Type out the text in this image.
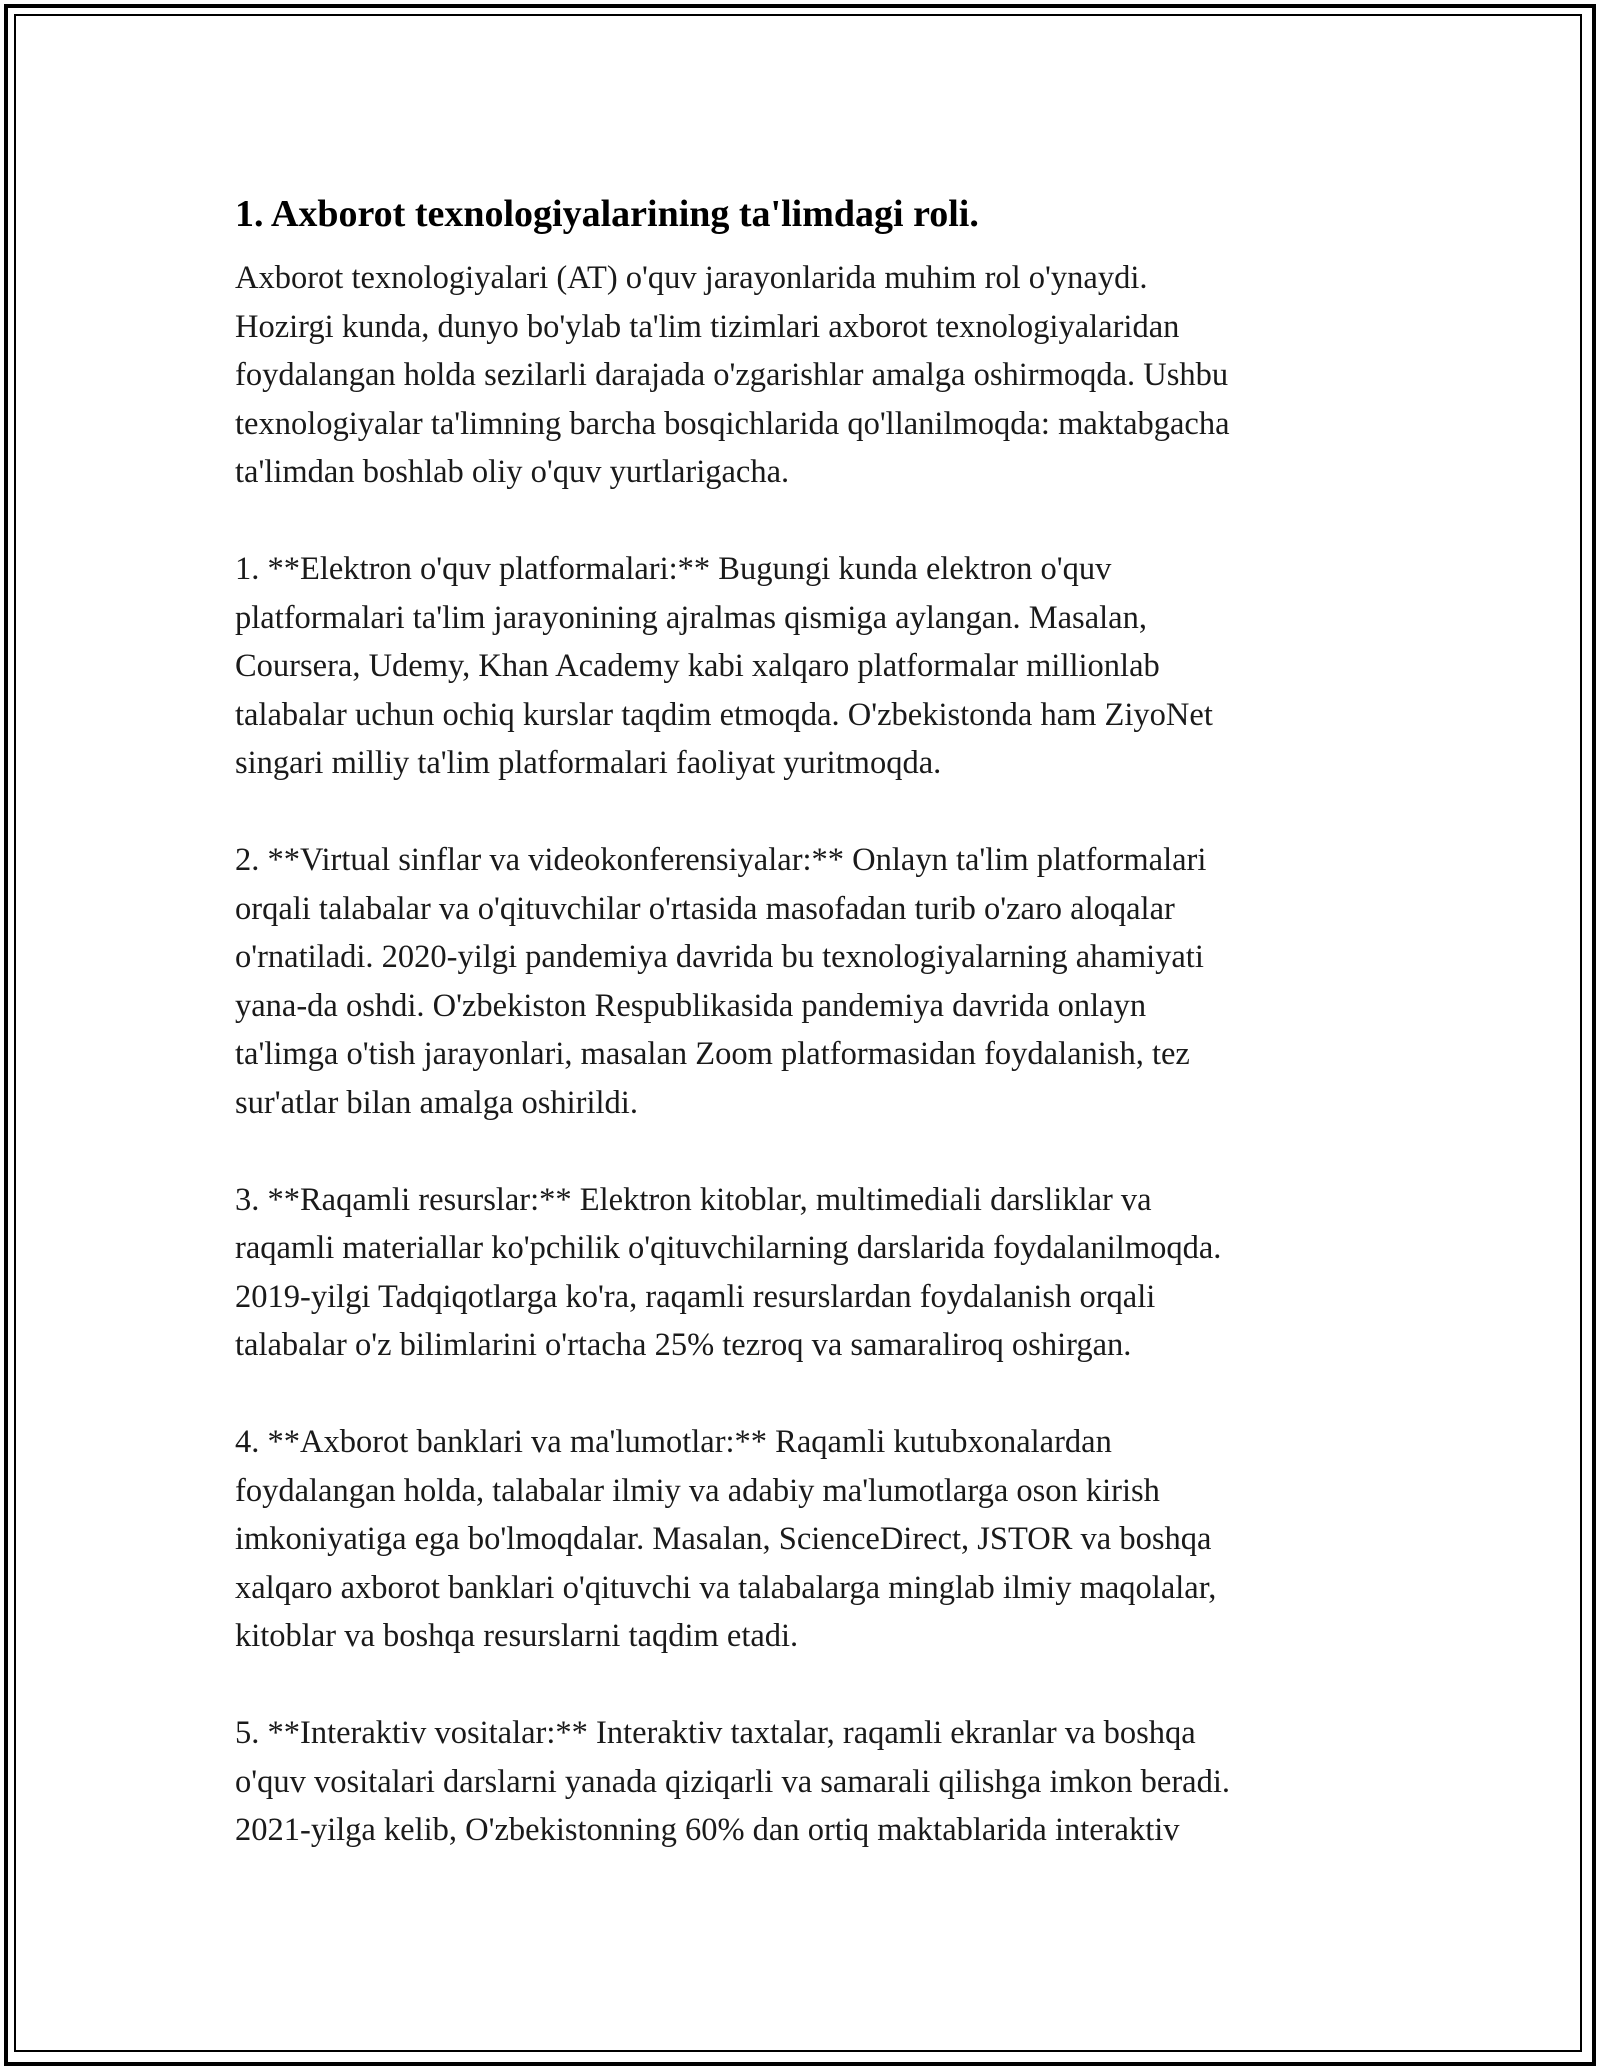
1. Axborot texnologiyalarining ta'limdagi roli.

Axborot texnologiyalari (AT) o'quv jarayonlarida muhim rol o'ynaydi.
Hozirgi kunda, dunyo bo'ylab ta'lim tizimlari axborot texnologiyalaridan
foydalangan holda sezilarli darajada o'zgarishlar amalga oshirmoqda. Ushbu
texnologiyalar ta'limning barcha bosqichlarida qo'llanilmoqda: maktabgacha
ta'limdan boshlab oliy o'quv yurtlarigacha.

1. **Elektron o'quv platformalari:** Bugungi kunda elektron o'quv
platformalari ta'lim jarayonining ajralmas qismiga aylangan. Masalan,
Coursera, Udemy, Khan Academy kabi xalqaro platformalar millionlab
talabalar uchun ochiq kurslar taqdim etmoqda. O'zbekistonda ham ZiyoNet
singari milliy ta'lim platformalari faoliyat yuritmoqda.

2. **Virtual sinflar va videokonferensiyalar:** Onlayn ta'lim platformalari
orqali talabalar va o'qituvchilar o'rtasida masofadan turib o'zaro aloqalar
o'rnatiladi. 2020-yilgi pandemiya davrida bu texnologiyalarning ahamiyati
yana-da oshdi. O'zbekiston Respublikasida pandemiya davrida onlayn
ta'limga o'tish jarayonlari, masalan Zoom platformasidan foydalanish, tez
sur'atlar bilan amalga oshirildi.

3. **Raqamli resurslar:** Elektron kitoblar, multimediali darsliklar va
raqamli materiallar ko'pchilik o'qituvchilarning darslarida foydalanilmoqda.
2019-yilgi Tadqiqotlarga ko'ra, raqamli resurslardan foydalanish orqali
talabalar o'z bilimlarini o'rtacha 25% tezroq va samaraliroq oshirgan.

4. **Axborot banklari va ma'lumotlar:** Raqamli kutubxonalardan
foydalangan holda, talabalar ilmiy va adabiy ma'lumotlarga oson kirish
imkoniyatiga ega bo'lmoqdalar. Masalan, ScienceDirect, JSTOR va boshqa
xalqaro axborot banklari o'qituvchi va talabalarga minglab ilmiy maqolalar,
kitoblar va boshqa resurslarni taqdim etadi.

5. **Interaktiv vositalar:** Interaktiv taxtalar, raqamli ekranlar va boshqa
o'quv vositalari darslarni yanada qiziqarli va samarali qilishga imkon beradi.
2021-yilga kelib, O'zbekistonning 60% dan ortiq maktablarida interaktiv
